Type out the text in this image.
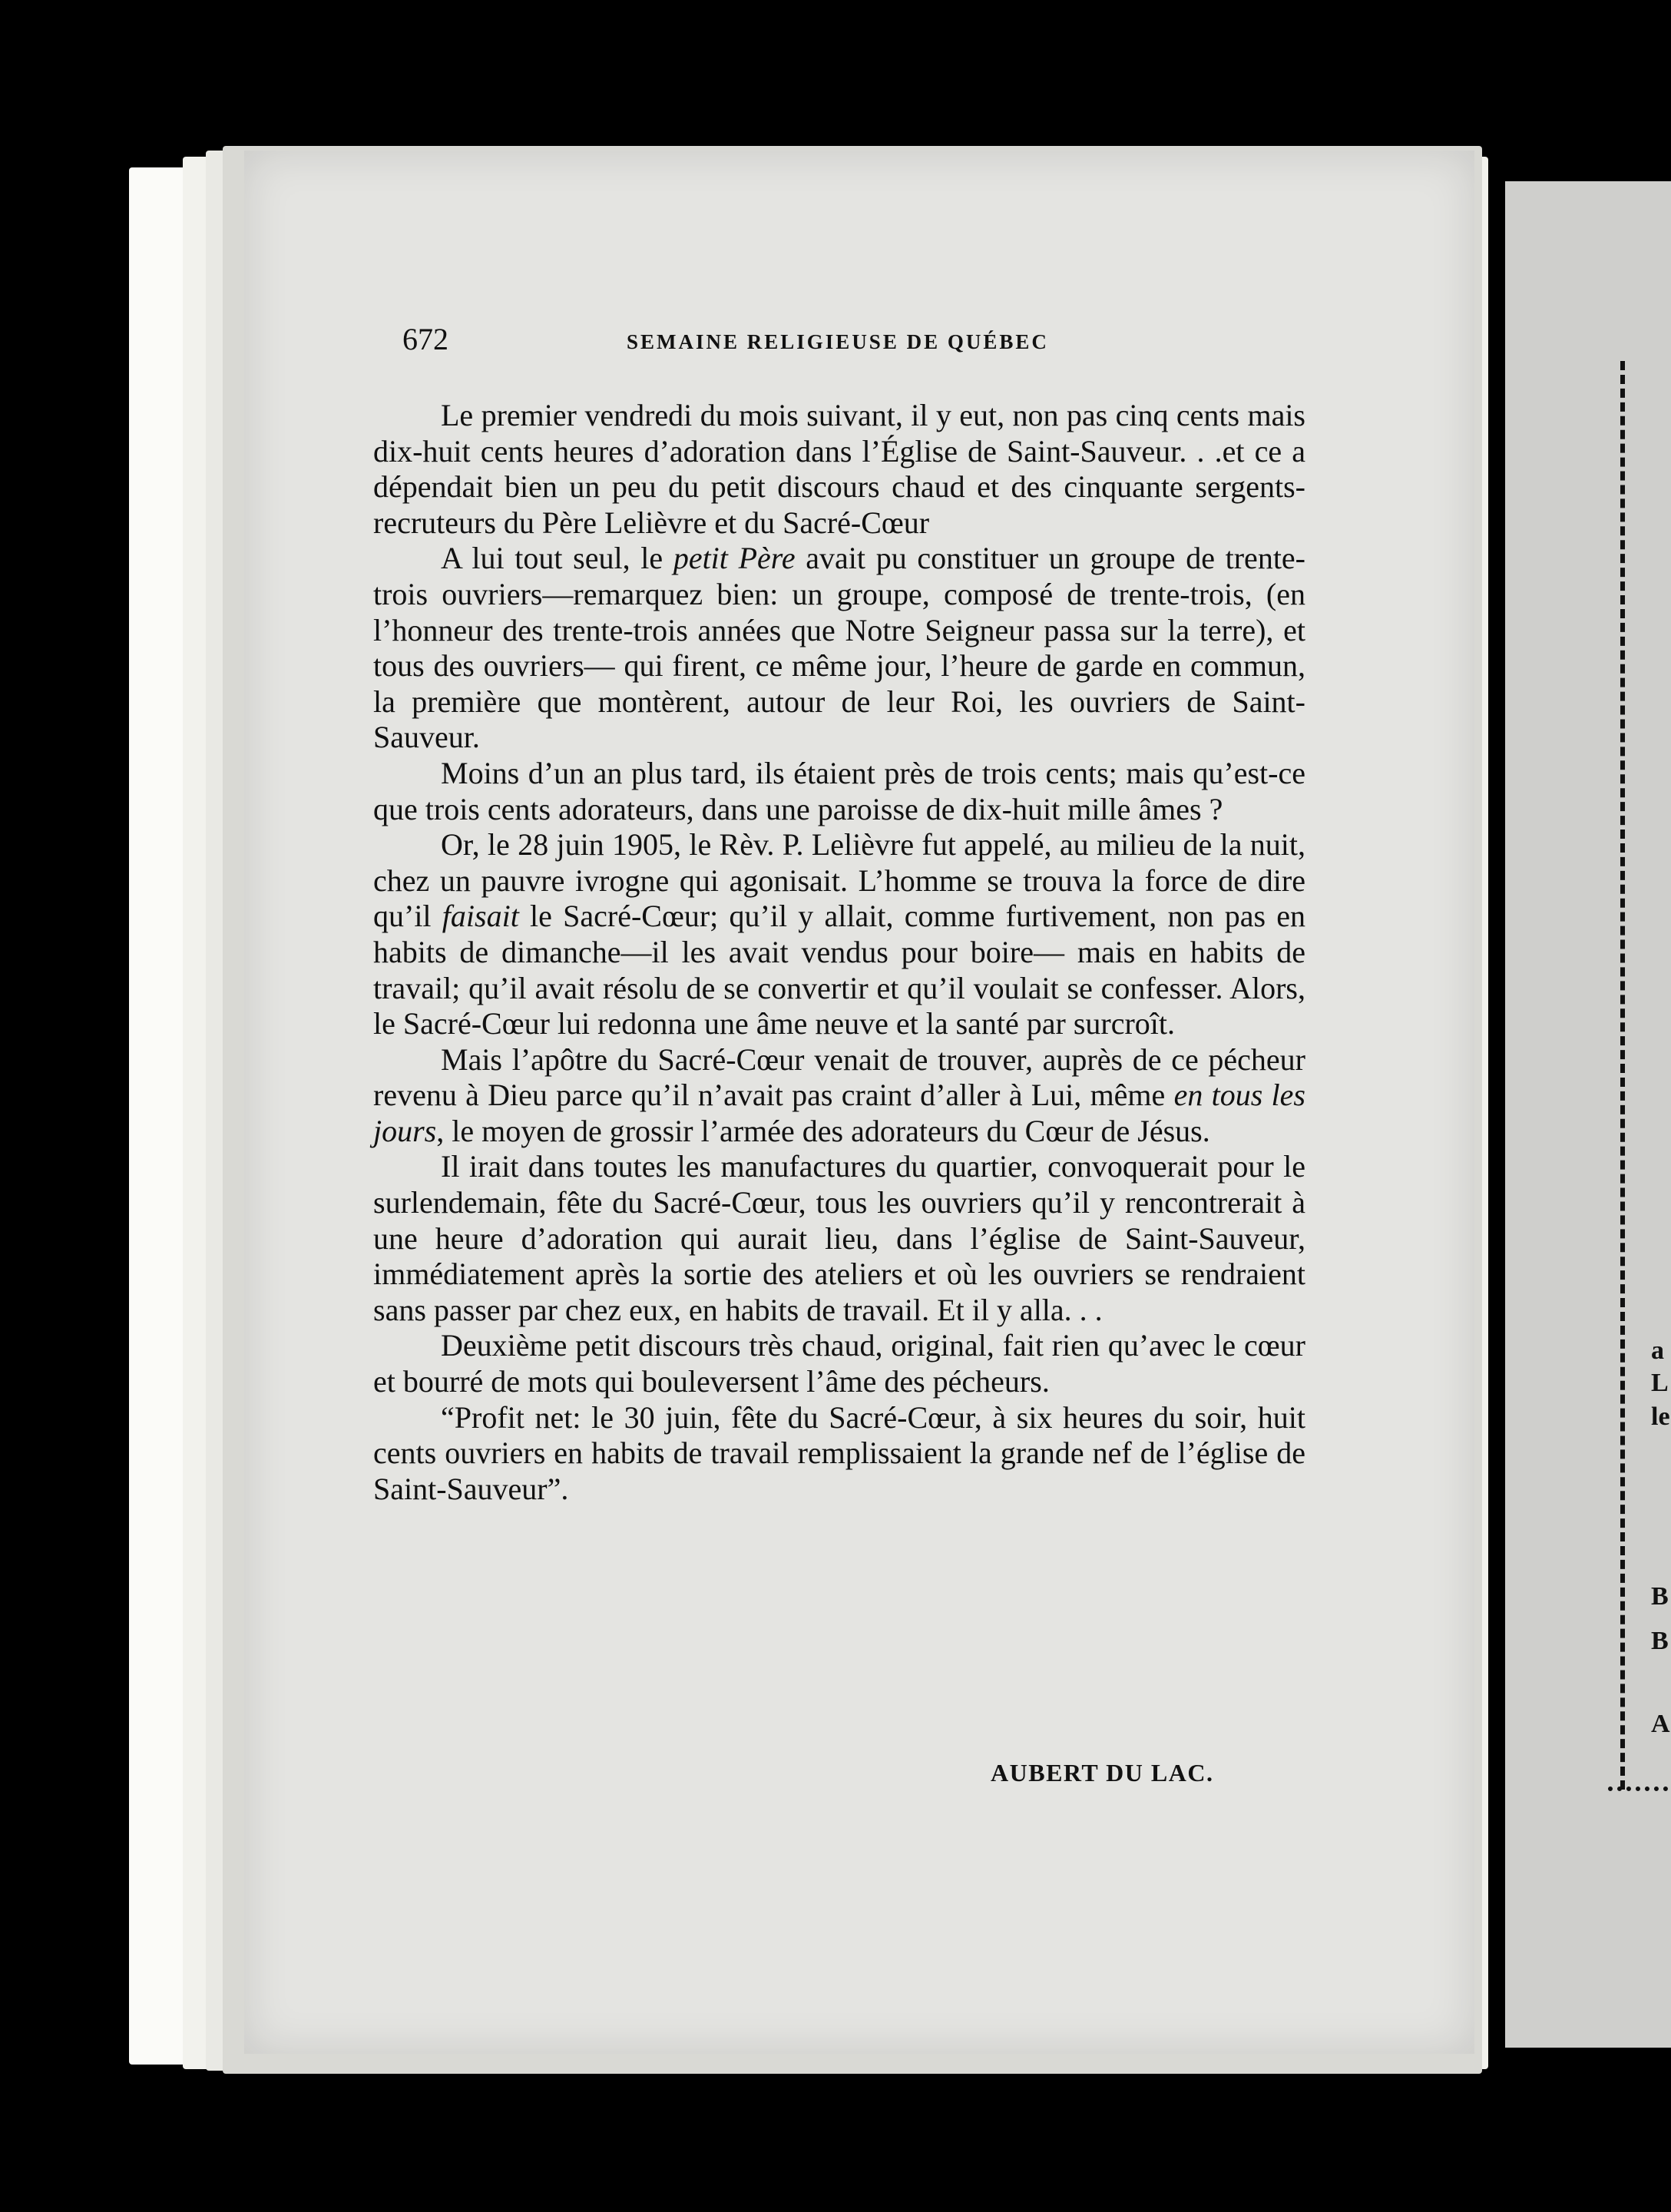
a
L
le
B
B
A
672	SEMAINE RELIGIEUSE DE QUÉBEC

Le premier vendredi du mois suivant, il y eut, non pas cinq cents mais dix-huit cents heures d’adoration dans l’Église de Saint-Sauveur. . .et ce a dépendait bien un peu du petit discours chaud et des cinquante sergents-recruteurs du Père Lelièvre et du Sacré-Cœur

A lui tout seul, le petit Père avait pu constituer un groupe de trente-trois ouvriers—remarquez bien: un groupe, composé de trente-trois, (en l’honneur des trente-trois années que Notre Seigneur passa sur la terre), et tous des ouvriers— qui firent, ce même jour, l’heure de garde en commun, la première que montèrent, autour de leur Roi, les ouvriers de Saint-Sauveur.

Moins d’un an plus tard, ils étaient près de trois cents; mais qu’est-ce que trois cents adorateurs, dans une paroisse de dix-huit mille âmes ?

Or, le 28 juin 1905, le Rèv. P. Lelièvre fut appelé, au milieu de la nuit, chez un pauvre ivrogne qui agonisait. L’homme se trouva la force de dire qu’il faisait le Sacré-Cœur; qu’il y allait, comme furtivement, non pas en habits de dimanche—il les avait vendus pour boire— mais en habits de travail; qu’il avait résolu de se convertir et qu’il voulait se confesser. Alors, le Sacré-Cœur lui redonna une âme neuve et la santé par surcroît.

Mais l’apôtre du Sacré-Cœur venait de trouver, auprès de ce pécheur revenu à Dieu parce qu’il n’avait pas craint d’aller à Lui, même en tous les jours, le moyen de grossir l’armée des adorateurs du Cœur de Jésus.

Il irait dans toutes les manufactures du quartier, convoquerait pour le surlendemain, fête du Sacré-Cœur, tous les ouvriers qu’il y rencontrerait à une heure d’adoration qui aurait lieu, dans l’église de Saint-Sauveur, immédiatement après la sortie des ateliers et où les ouvriers se rendraient sans passer par chez eux, en habits de travail. Et il y alla. . .

Deuxième petit discours très chaud, original, fait rien qu’avec le cœur et bourré de mots qui bouleversent l’âme des pécheurs.

“Profit net: le 30 juin, fête du Sacré-Cœur, à six heures du soir, huit cents ouvriers en habits de travail remplissaient la grande nef de l’église de Saint-Sauveur”.

AUBERT DU LAC.
